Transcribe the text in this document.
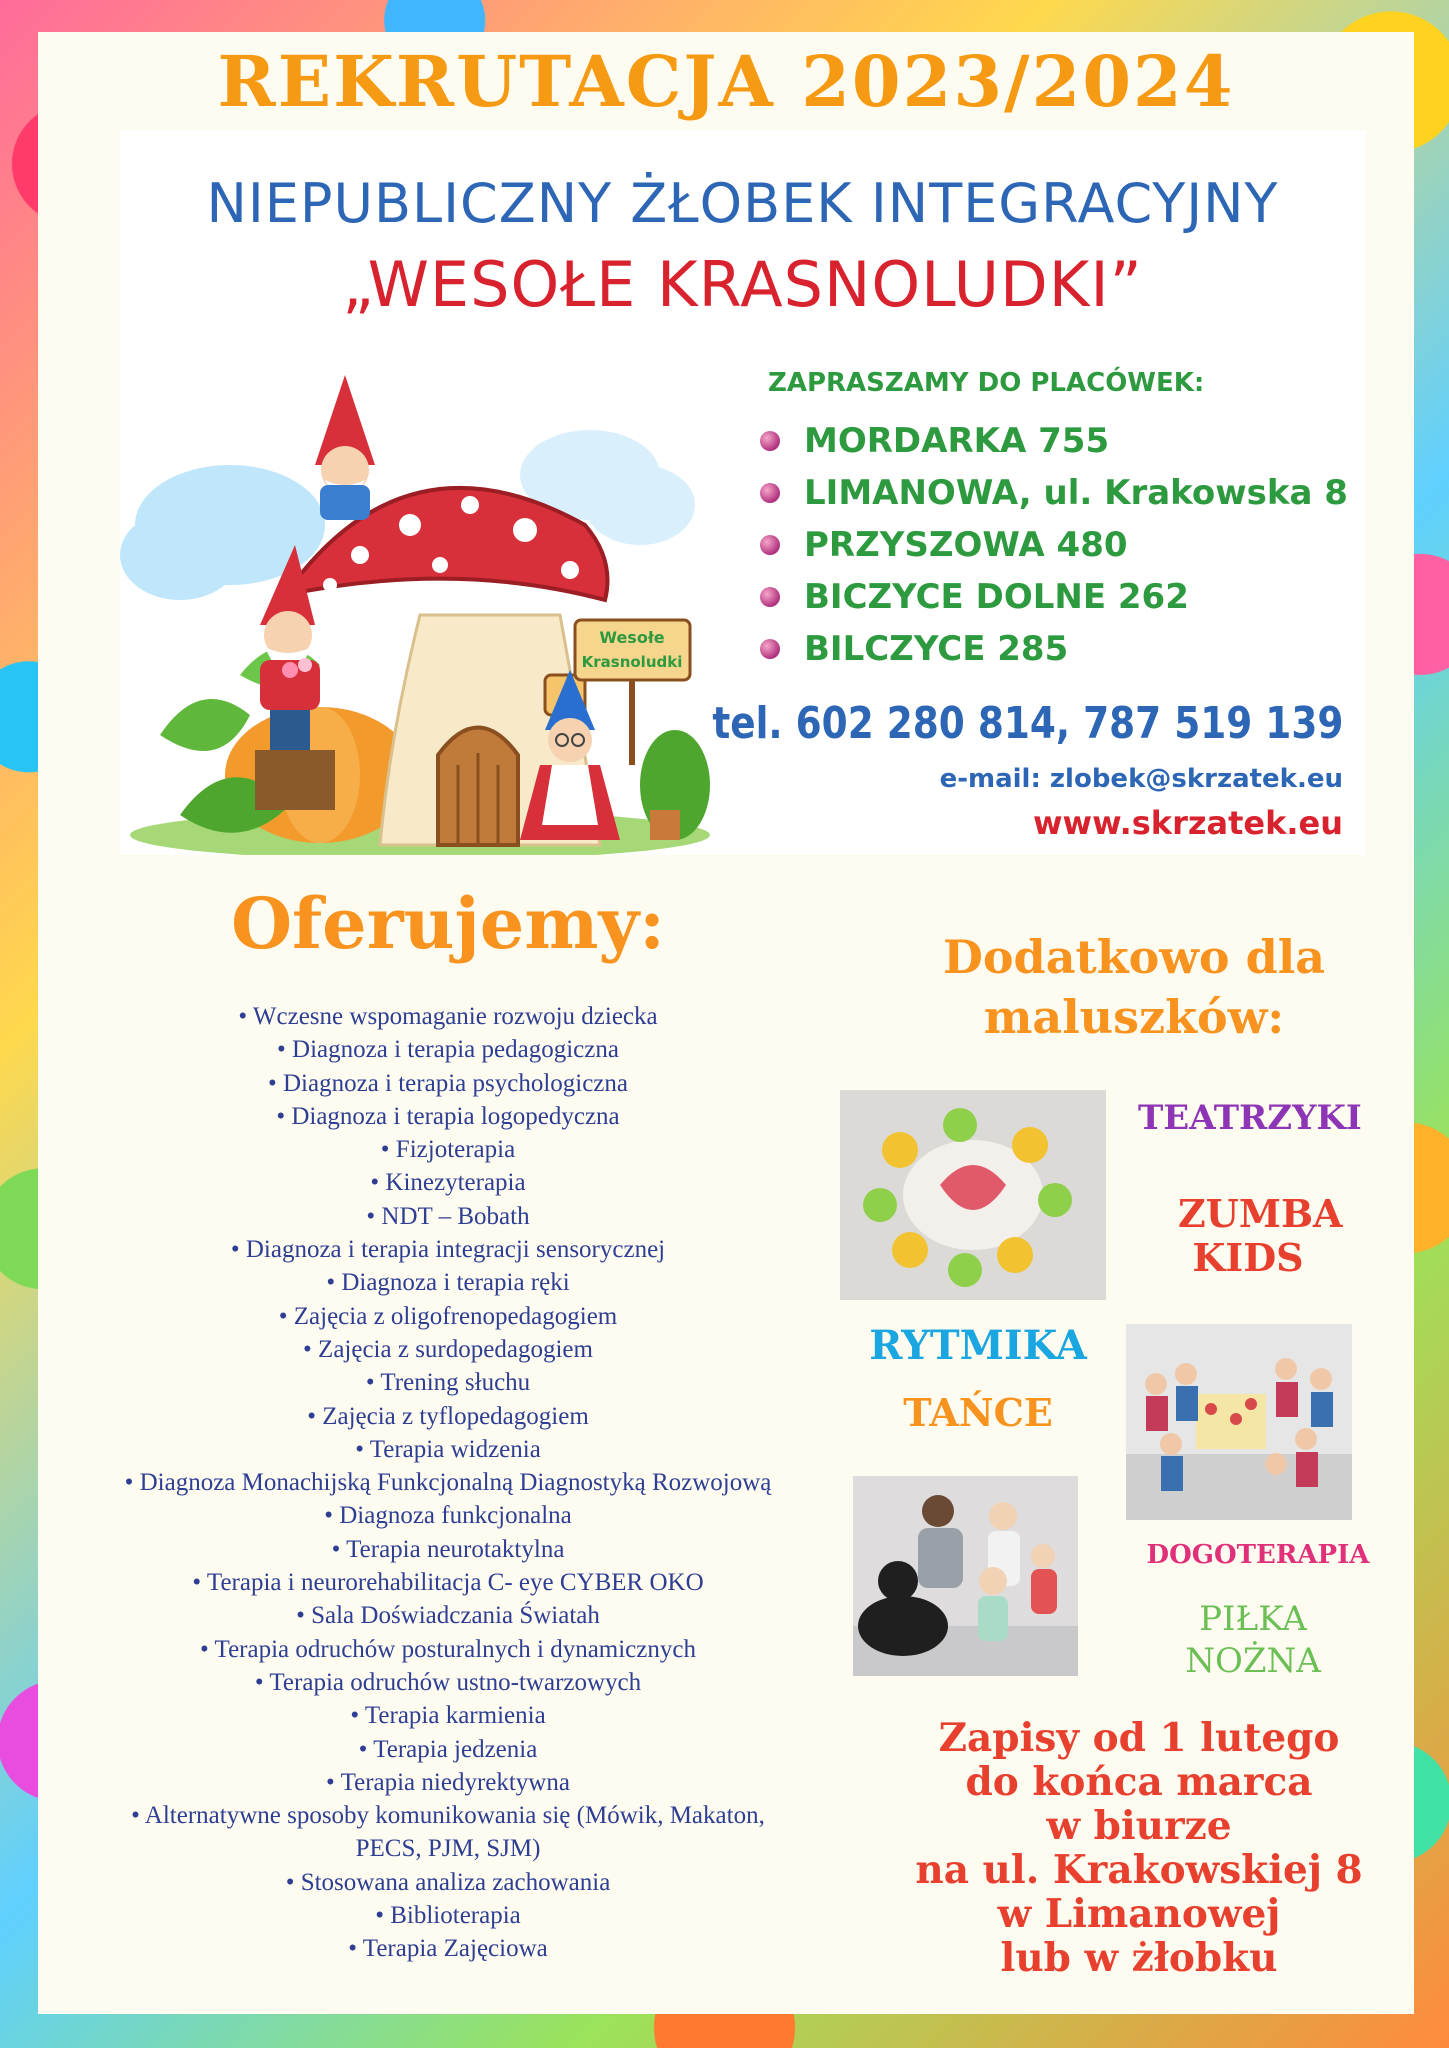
REKRUTACJA 2023/2024
NIEPUBLICZNY ŻŁOBEK INTEGRACYJNY
„WESOŁE KRASNOLUDKI”
Wesołe
Krasnoludki
ZAPRASZAMY DO PLACÓWEK:
MORDARKA 755
LIMANOWA, ul. Krakowska 8
PRZYSZOWA 480
BICZYCE DOLNE 262
BILCZYCE 285
tel. 602 280 814, 787 519 139
e-mail: zlobek@skrzatek.eu
www.skrzatek.eu
Oferujemy:
• Wczesne wspomaganie rozwoju dziecka
• Diagnoza i terapia pedagogiczna
• Diagnoza i terapia psychologiczna
• Diagnoza i terapia logopedyczna
• Fizjoterapia
• Kinezyterapia
• NDT – Bobath
• Diagnoza i terapia integracji sensorycznej
• Diagnoza i terapia ręki
• Zajęcia z oligofrenopedagogiem
• Zajęcia z surdopedagogiem
• Trening słuchu
• Zajęcia z tyflopedagogiem
• Terapia widzenia
• Diagnoza Monachijską Funkcjonalną Diagnostyką Rozwojową
• Diagnoza funkcjonalna
• Terapia neurotaktylna
• Terapia i neurorehabilitacja C- eye CYBER OKO
• Sala Doświadczania Światah
• Terapia odruchów posturalnych i dynamicznych
• Terapia odruchów ustno-twarzowych
• Terapia karmienia
• Terapia jedzenia
• Terapia niedyrektywna
• Alternatywne sposoby komunikowania się (Mówik, Makaton,
PECS, PJM, SJM)
• Stosowana analiza zachowania
• Biblioterapia
• Terapia Zajęciowa
Dodatkowo dla
maluszków:
TEATRZYKI
ZUMBA
KIDS
RYTMIKA
TAŃCE
DOGOTERAPIA
PIŁKA
NOŻNA
Zapisy od 1 lutego
do końca marca
w biurze
na ul. Krakowskiej 8
w Limanowej
lub w żłobku
